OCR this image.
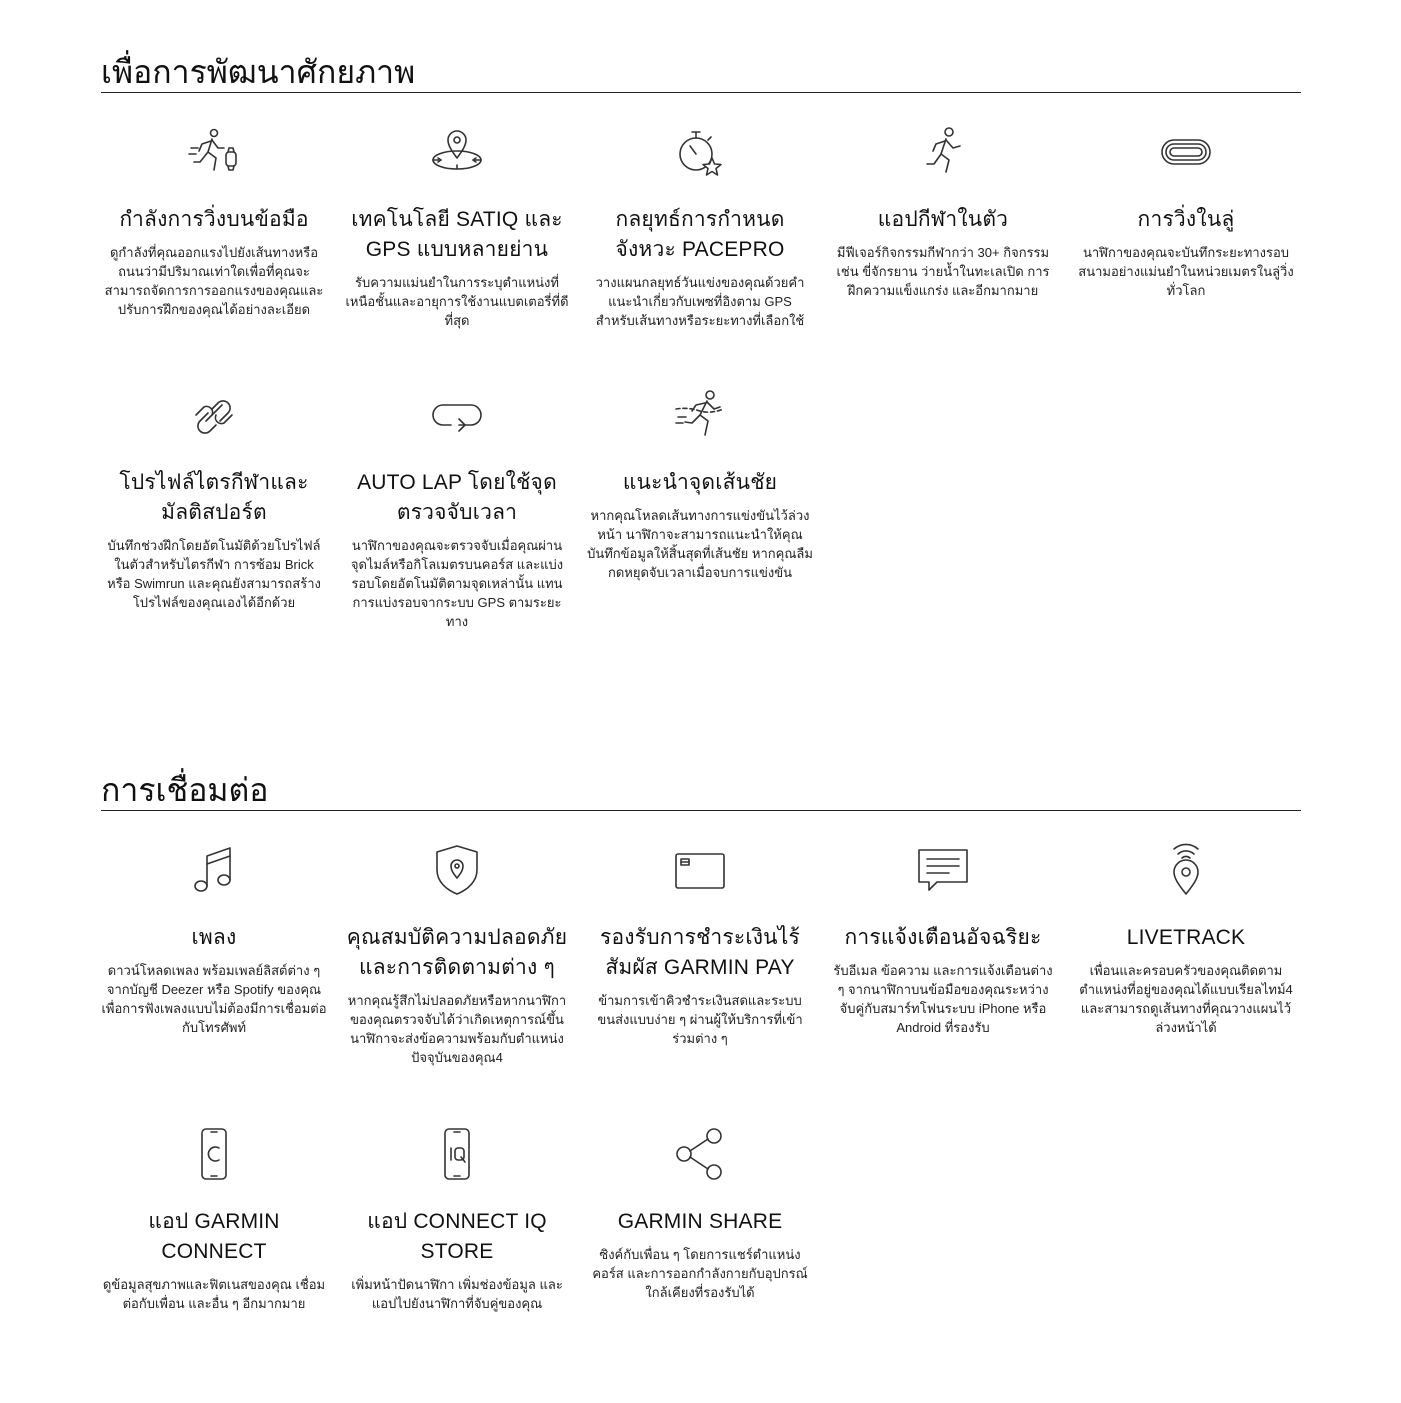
เพื่อการพัฒนาศักยภาพ
กำลังการวิ่งบนข้อมือ

ดูกำลังที่คุณออกแรงไปยังเส้นทางหรือถนนว่ามีปริมาณเท่าใดเพื่อที่คุณจะสามารถจัดการการออกแรงของคุณและปรับการฝึกของคุณได้อย่างละเอียด

เทคโนโลยี SATIQ และ GPS แบบหลายย่าน

รับความแม่นยำในการระบุตำแหน่งที่เหนือชั้นและอายุการใช้งานแบตเตอรี่ที่ดีที่สุด

กลยุทธ์การกำหนดจังหวะ PACEPRO

วางแผนกลยุทธ์วันแข่งของคุณด้วยคำแนะนำเกี่ยวกับเพซที่อิงตาม GPS สำหรับเส้นทางหรือระยะทางที่เลือกใช้

แอปกีฬาในตัว

มีฟีเจอร์กิจกรรมกีฬากว่า 30+ กิจกรรม เช่น ขี่จักรยาน ว่ายน้ำในทะเลเปิด การฝึกความแข็งแกร่ง และอีกมากมาย

การวิ่งในลู่

นาฬิกาของคุณจะบันทึกระยะทางรอบสนามอย่างแม่นยำในหน่วยเมตรในลู่วิ่งทั่วโลก

โปรไฟล์ไตรกีฬาและมัลติสปอร์ต

บันทึกช่วงฝึกโดยอัตโนมัติด้วยโปรไฟล์ในตัวสำหรับไตรกีฬา การซ้อม Brick หรือ Swimrun และคุณยังสามารถสร้างโปรไฟล์ของคุณเองได้อีกด้วย

AUTO LAP โดยใช้จุดตรวจจับเวลา

นาฬิกาของคุณจะตรวจจับเมื่อคุณผ่านจุดไมล์หรือกิโลเมตรบนคอร์ส และแบ่งรอบโดยอัตโนมัติตามจุดเหล่านั้น แทนการแบ่งรอบจากระบบ GPS ตามระยะทาง

แนะนำจุดเส้นชัย

หากคุณโหลดเส้นทางการแข่งขันไว้ล่วงหน้า นาฬิกาจะสามารถแนะนำให้คุณบันทึกข้อมูลให้สิ้นสุดที่เส้นชัย หากคุณลืมกดหยุดจับเวลาเมื่อจบการแข่งขัน

การเชื่อมต่อ
เพลง

ดาวน์โหลดเพลง พร้อมเพลย์ลิสต์ต่าง ๆ จากบัญชี Deezer หรือ Spotify ของคุณ เพื่อการฟังเพลงแบบไม่ต้องมีการเชื่อมต่อกับโทรศัพท์

คุณสมบัติความปลอดภัยและการติดตามต่าง ๆ

หากคุณรู้สึกไม่ปลอดภัยหรือหากนาฬิกาของคุณตรวจจับได้ว่าเกิดเหตุการณ์ขึ้น นาฬิกาจะส่งข้อความพร้อมกับตำแหน่งปัจจุบันของคุณ4

รองรับการชำระเงินไร้สัมผัส GARMIN PAY

ข้ามการเข้าคิวชำระเงินสดและระบบขนส่งแบบง่าย ๆ ผ่านผู้ให้บริการที่เข้าร่วมต่าง ๆ

การแจ้งเตือนอัจฉริยะ

รับอีเมล ข้อความ และการแจ้งเตือนต่าง ๆ จากนาฬิกาบนข้อมือของคุณระหว่างจับคู่กับสมาร์ทโฟนระบบ iPhone หรือ Android ที่รองรับ

LIVETRACK

เพื่อนและครอบครัวของคุณติดตามตำแหน่งที่อยู่ของคุณได้แบบเรียลไทม์4 และสามารถดูเส้นทางที่คุณวางแผนไว้ล่วงหน้าได้

แอป GARMIN CONNECT

ดูข้อมูลสุขภาพและฟิตเนสของคุณ เชื่อมต่อกับเพื่อน และอื่น ๆ อีกมากมาย

แอป CONNECT IQ STORE

เพิ่มหน้าปัดนาฬิกา เพิ่มช่องข้อมูล และแอปไปยังนาฬิกาที่จับคู่ของคุณ

GARMIN SHARE

ซิงค์กับเพื่อน ๆ โดยการแชร์ตำแหน่งคอร์ส และการออกกำลังกายกับอุปกรณ์ใกล้เคียงที่รองรับได้
